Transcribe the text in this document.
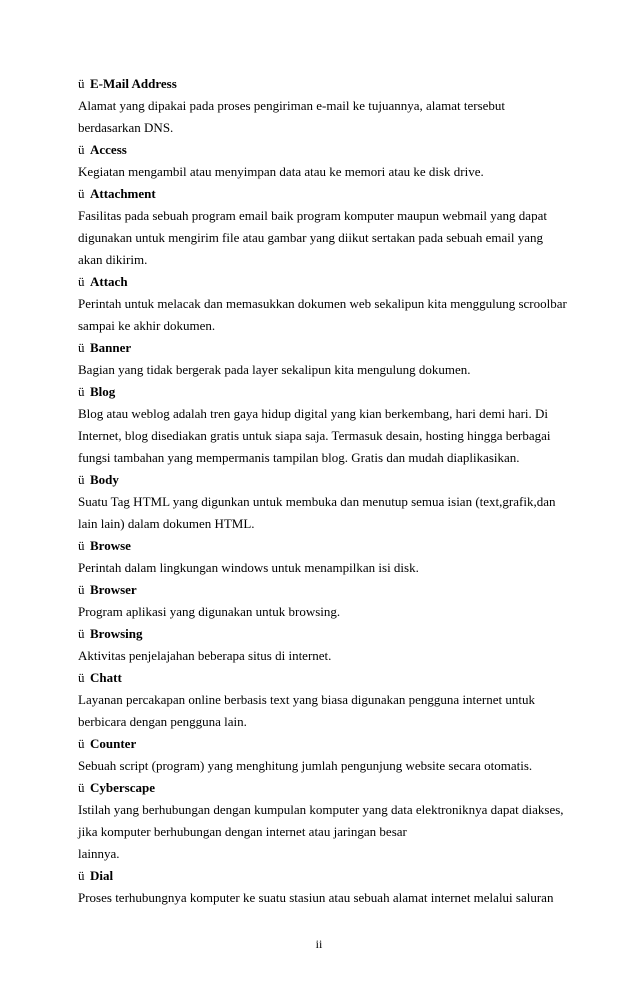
ü E-Mail Address
Alamat yang dipakai pada proses pengiriman e-mail ke tujuannya, alamat tersebut
berdasarkan DNS.
ü Access
Kegiatan mengambil atau menyimpan data atau ke memori atau ke disk drive.
ü Attachment
Fasilitas pada sebuah program email baik program komputer maupun webmail yang dapat
digunakan untuk mengirim file atau gambar yang diikut sertakan pada sebuah email yang
akan dikirim.
ü Attach
Perintah untuk melacak dan memasukkan dokumen web sekalipun kita menggulung scroolbar
sampai ke akhir dokumen.
ü Banner
Bagian yang tidak bergerak pada layer sekalipun kita mengulung dokumen.
ü Blog
Blog atau weblog adalah tren gaya hidup digital yang kian berkembang, hari demi hari. Di
Internet, blog disediakan gratis untuk siapa saja. Termasuk desain, hosting hingga berbagai
fungsi tambahan yang mempermanis tampilan blog. Gratis dan mudah diaplikasikan.
ü Body
Suatu Tag HTML yang digunkan untuk membuka dan menutup semua isian (text,grafik,dan
lain lain) dalam dokumen HTML.
ü Browse
Perintah dalam lingkungan windows untuk menampilkan isi disk.
ü Browser
Program aplikasi yang digunakan untuk browsing.
ü Browsing
Aktivitas penjelajahan beberapa situs di internet.
ü Chatt
Layanan percakapan online berbasis text yang biasa digunakan pengguna internet untuk
berbicara dengan pengguna lain.
ü Counter
Sebuah script (program) yang menghitung jumlah pengunjung website secara otomatis.
ü Cyberscape
Istilah yang berhubungan dengan kumpulan komputer yang data elektroniknya dapat diakses,
jika komputer berhubungan dengan internet atau jaringan besar
lainnya.
ü Dial
Proses terhubungnya komputer ke suatu stasiun atau sebuah alamat internet melalui saluran
ii
